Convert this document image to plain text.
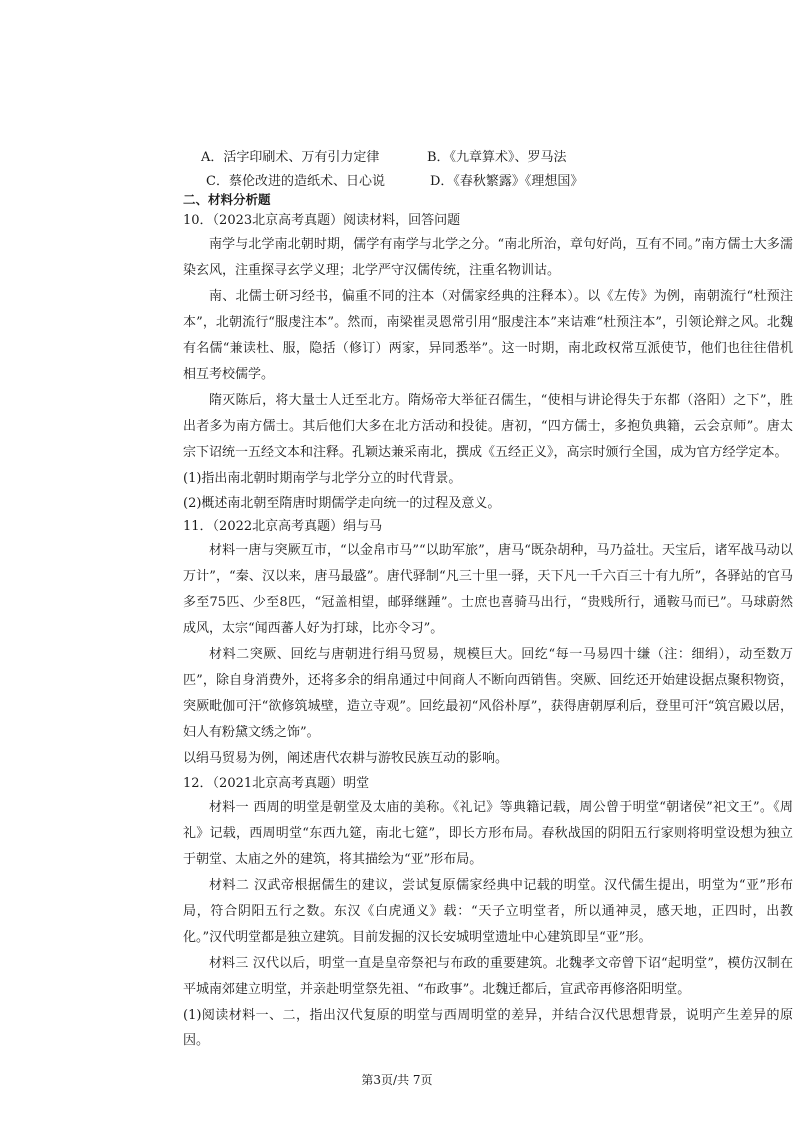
A．活字印刷术、万有引力定律	B．《九章算术》、罗马法
C．蔡伦改进的造纸术、日心说	D．《春秋繁露》《理想国》

二、材料分析题

10．（2023北京高考真题）阅读材料，回答问题

南学与北学南北朝时期，儒学有南学与北学之分。“南北所治，章句好尚，互有不同。”南方儒士大多濡染玄风，注重探寻玄学义理；北学严守汉儒传统，注重名物训诂。

南、北儒士研习经书，偏重不同的注本（对儒家经典的注释本）。以《左传》为例，南朝流行“杜预注本”，北朝流行“服虔注本”。然而，南梁崔灵恩常引用“服虔注本”来诘难“杜预注本”，引领论辩之风。北魏有名儒“兼读杜、服，隐括（修订）两家，异同悉举”。这一时期，南北政权常互派使节，他们也往往借机相互考校儒学。

隋灭陈后，将大量士人迁至北方。隋炀帝大举征召儒生，“使相与讲论得失于东都（洛阳）之下”，胜出者多为南方儒士。其后他们大多在北方活动和投徒。唐初，“四方儒士，多抱负典籍，云会京师”。唐太宗下诏统一五经文本和注释。孔颖达兼采南北，撰成《五经正义》，高宗时颁行全国，成为官方经学定本。

(1)指出南北朝时期南学与北学分立的时代背景。

(2)概述南北朝至隋唐时期儒学走向统一的过程及意义。

11．（2022北京高考真题）绢与马

材料一唐与突厥互市，“以金帛市马”“以助军旅”，唐马“既杂胡种，马乃益壮。天宝后，诸军战马动以万计”，“秦、汉以来，唐马最盛”。唐代驿制“凡三十里一驿，天下凡一千六百三十有九所”，各驿站的官马多至75匹、少至8匹，“冠盖相望，邮驿继踵”。士庶也喜骑马出行，“贵贱所行，通鞍马而已”。马球蔚然成风，太宗“闻西蕃人好为打球，比亦令习”。

材料二突厥、回纥与唐朝进行绢马贸易，规模巨大。回纥“每一马易四十缣（注：细绢），动至数万匹”，除自身消费外，还将多余的绢帛通过中间商人不断向西销售。突厥、回纥还开始建设据点聚积物资，突厥毗伽可汗“欲修筑城壁，造立寺观”。回纥最初“风俗朴厚”，获得唐朝厚利后，登里可汗“筑宫殿以居，妇人有粉黛文绣之饰”。

以绢马贸易为例，阐述唐代农耕与游牧民族互动的影响。

12．（2021北京高考真题）明堂

材料一 西周的明堂是朝堂及太庙的美称。《礼记》等典籍记载，周公曾于明堂“朝诸侯”祀文王”。《周礼》记载，西周明堂“东西九筵，南北七筵”，即长方形布局。春秋战国的阴阳五行家则将明堂设想为独立于朝堂、太庙之外的建筑，将其描绘为“亚”形布局。

材料二 汉武帝根据儒生的建议，尝试复原儒家经典中记载的明堂。汉代儒生提出，明堂为“亚”形布局，符合阴阳五行之数。东汉《白虎通义》载：“天子立明堂者，所以通神灵，感天地，正四时，出教化。”汉代明堂都是独立建筑。目前发掘的汉长安城明堂遗址中心建筑即呈“亚”形。

材料三 汉代以后，明堂一直是皇帝祭祀与布政的重要建筑。北魏孝文帝曾下诏“起明堂”，模仿汉制在平城南郊建立明堂，并亲赴明堂祭先祖、“布政事”。北魏迁都后，宣武帝再修洛阳明堂。

(1)阅读材料一、二，指出汉代复原的明堂与西周明堂的差异，并结合汉代思想背景，说明产生差异的原因。

第3页/共 7页
